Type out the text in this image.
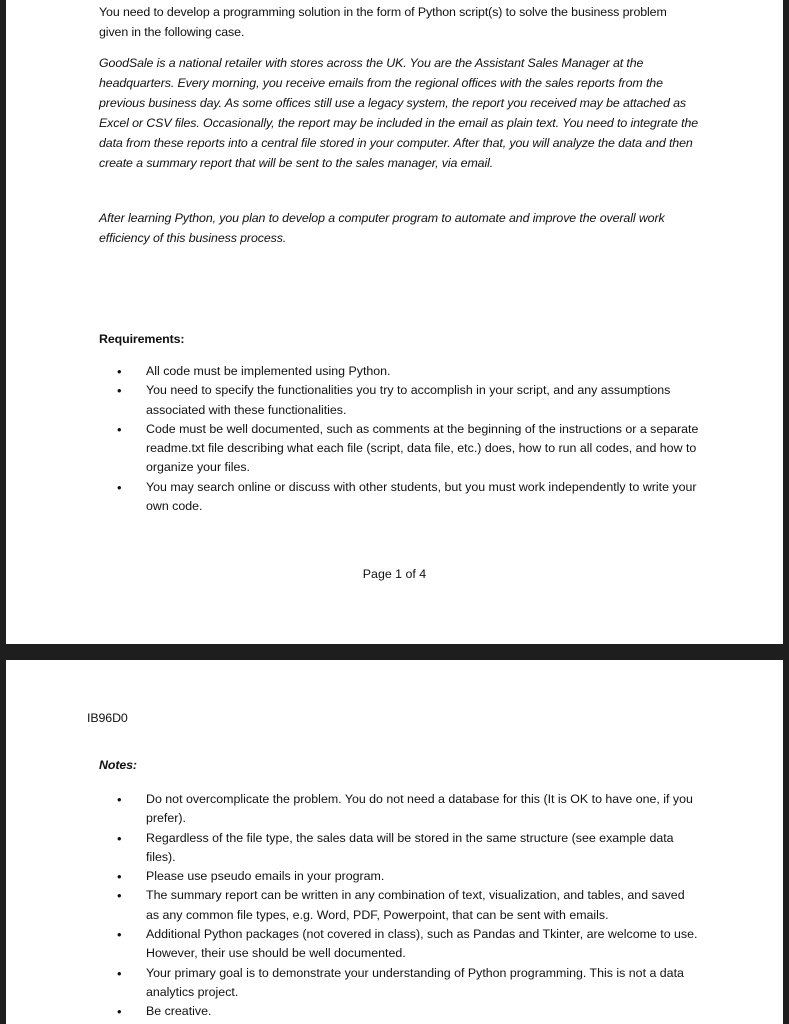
You need to develop a programming solution in the form of Python script(s) to solve the business problem given in the following case.

GoodSale is a national retailer with stores across the UK. You are the Assistant Sales Manager at the headquarters. Every morning, you receive emails from the regional offices with the sales reports from the previous business day. As some offices still use a legacy system, the report you received may be attached as Excel or CSV files. Occasionally, the report may be included in the email as plain text. You need to integrate the data from these reports into a central file stored in your computer. After that, you will analyze the data and then create a summary report that will be sent to the sales manager, via email.

After learning Python, you plan to develop a computer program to automate and improve the overall work efficiency of this business process.

Requirements:

• All code must be implemented using Python.
• You need to specify the functionalities you try to accomplish in your script, and any assumptions associated with these functionalities.
• Code must be well documented, such as comments at the beginning of the instructions or a separate readme.txt file describing what each file (script, data file, etc.) does, how to run all codes, and how to organize your files.
• You may search online or discuss with other students, but you must work independently to write your own code.
Page 1 of 4

IB96D0

Notes:

• Do not overcomplicate the problem. You do not need a database for this (It is OK to have one, if you prefer).
• Regardless of the file type, the sales data will be stored in the same structure (see example data files).
• Please use pseudo emails in your program.
• The summary report can be written in any combination of text, visualization, and tables, and saved as any common file types, e.g. Word, PDF, Powerpoint, that can be sent with emails.
• Additional Python packages (not covered in class), such as Pandas and Tkinter, are welcome to use. However, their use should be well documented.
• Your primary goal is to demonstrate your understanding of Python programming. This is not a data analytics project.
• Be creative.
